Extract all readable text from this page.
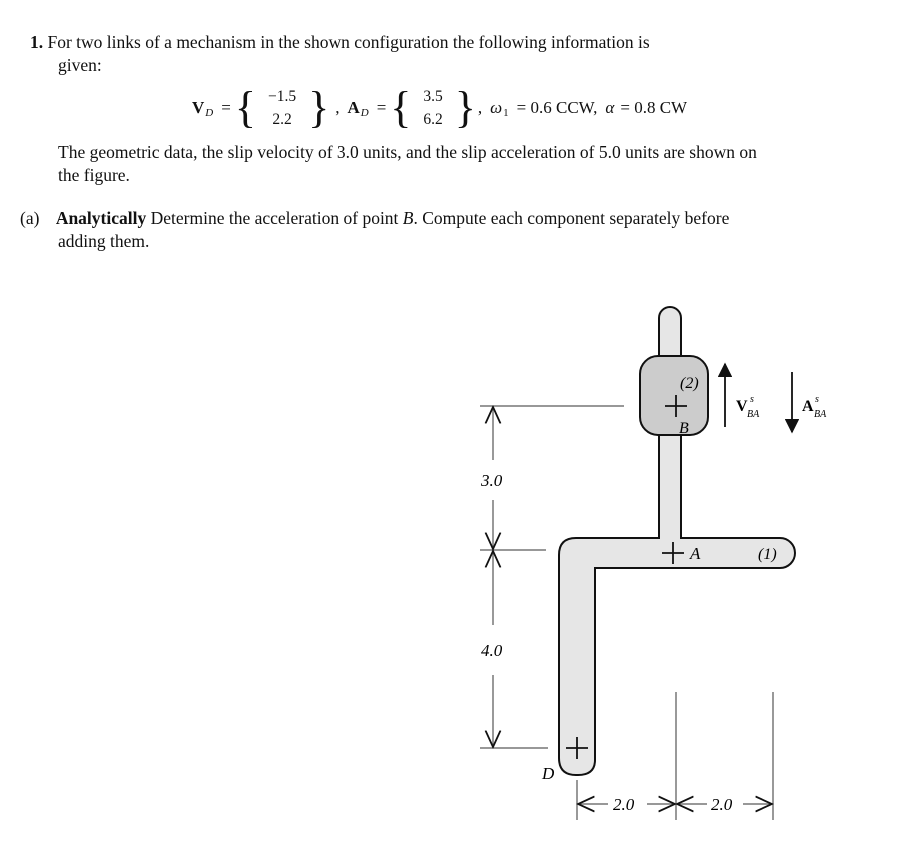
1. For two links of a mechanism in the shown configuration the following information is
given:
V D = { −1.5
2.2 } , A D = { 3.5
6.2 } , ω 1 = 0.6 CCW, α = 0.8 CW
The geometric data, the slip velocity of 3.0 units, and the slip acceleration of 5.0 units are shown on
the figure.
(a) Analytically Determine the acceleration of point B. Compute each component separately before
adding them.
(2)
B
A	(1)
D
V s
BA	A s
BA
3.0
4.0
2.0	2.0
